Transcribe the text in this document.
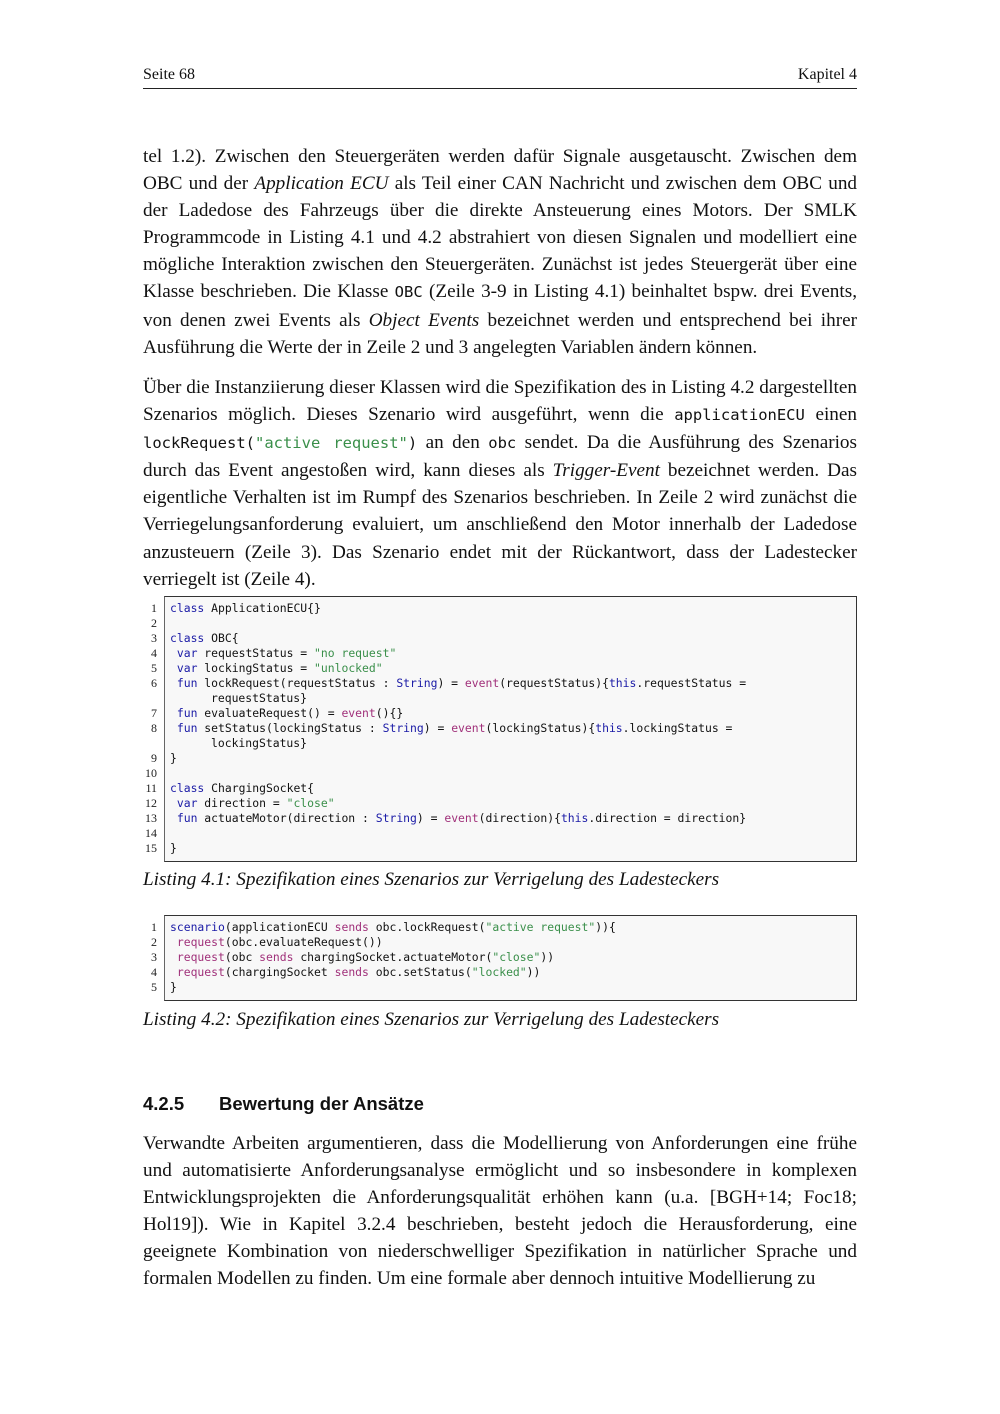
Seite 68	Kapitel 4

tel 1.2). Zwischen den Steuergeräten werden dafür Signale ausgetauscht. Zwischen dem OBC und der Application ECU als Teil einer CAN Nachricht und zwischen dem OBC und der Ladedose des Fahrzeugs über die direkte Ansteuerung eines Motors. Der SMLK Programmcode in Listing 4.1 und 4.2 abstrahiert von diesen Signalen und modelliert eine mögliche Interaktion zwischen den Steuergeräten. Zunächst ist jedes Steuergerät über eine Klasse beschrieben. Die Klasse OBC (Zeile 3-9 in Listing 4.1) beinhaltet bspw. drei Events, von denen zwei Events als Object Events bezeichnet werden und entsprechend bei ihrer Ausführung die Werte der in Zeile 2 und 3 angelegten Variablen ändern können.

Über die Instanziierung dieser Klassen wird die Spezifikation des in Listing 4.2 dargestellten Szenarios möglich. Dieses Szenario wird ausgeführt, wenn die applicationECU einen lockRequest("active request") an den obc sendet. Da die Ausführung des Szenarios durch das Event angestoßen wird, kann dieses als Trigger-Event bezeichnet werden. Das eigentliche Verhalten ist im Rumpf des Szenarios beschrieben. In Zeile 2 wird zunächst die Verriegelungsanforderung evaluiert, um anschließend den Motor innerhalb der Ladedose anzusteuern (Zeile 3). Das Szenario endet mit der Rückantwort, dass der Ladestecker verriegelt ist (Zeile 4).

1 class ApplicationECU{}
2
3 class OBC{
4 var requestStatus = "no request"
5 var lockingStatus = "unlocked"
6 fun lockRequest(requestStatus : String) = event(requestStatus){this.requestStatus =
requestStatus}
7 fun evaluateRequest() = event(){}
8 fun setStatus(lockingStatus : String) = event(lockingStatus){this.lockingStatus =
lockingStatus}
9 }
10
11 class ChargingSocket{
12 var direction = "close"
13 fun actuateMotor(direction : String) = event(direction){this.direction = direction}
14
15 }

Listing 4.1: Spezifikation eines Szenarios zur Verrigelung des Ladesteckers

1 scenario(applicationECU sends obc.lockRequest("active request")){
2 request(obc.evaluateRequest())
3 request(obc sends chargingSocket.actuateMotor("close"))
4 request(chargingSocket sends obc.setStatus("locked"))
5 }

Listing 4.2: Spezifikation eines Szenarios zur Verrigelung des Ladesteckers

4.2.5 Bewertung der Ansätze

Verwandte Arbeiten argumentieren, dass die Modellierung von Anforderungen eine frühe und automatisierte Anforderungsanalyse ermöglicht und so insbesondere in komplexen Entwicklungsprojekten die Anforderungsqualität erhöhen kann (u.a. [BGH+14; Foc18; Hol19]). Wie in Kapitel 3.2.4 beschrieben, besteht jedoch die Herausforderung, eine geeignete Kombination von niederschwelliger Spezifikation in natürlicher Sprache und formalen Modellen zu finden. Um eine formale aber dennoch intuitive Modellierung zu
